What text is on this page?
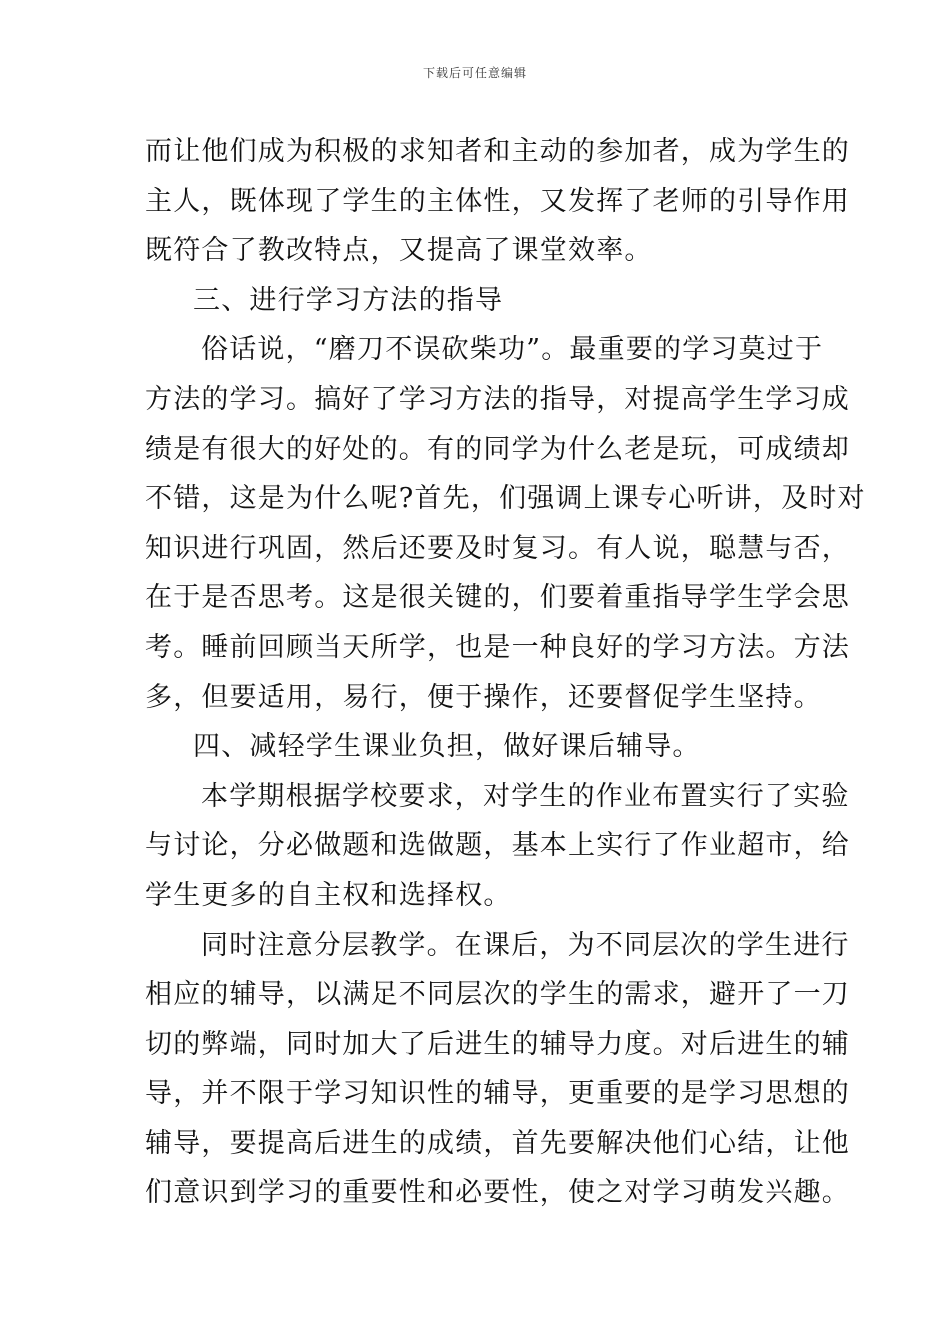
下载后可任意编辑
而让他们成为积极的求知者和主动的参加者，成为学生的
主人，既体现了学生的主体性，又发挥了老师的引导作用
既符合了教改特点，又提高了课堂效率。
三、进行学习方法的指导
俗话说，“磨刀不误砍柴功”。最重要的学习莫过于
方法的学习。搞好了学习方法的指导，对提高学生学习成
绩是有很大的好处的。有的同学为什么老是玩，可成绩却
不错，这是为什么呢?首先，们强调上课专心听讲，及时对
知识进行巩固，然后还要及时复习。有人说，聪慧与否，
在于是否思考。这是很关键的，们要着重指导学生学会思
考。睡前回顾当天所学，也是一种良好的学习方法。方法
多，但要适用，易行，便于操作，还要督促学生坚持。
四、减轻学生课业负担，做好课后辅导。
本学期根据学校要求，对学生的作业布置实行了实验
与讨论，分必做题和选做题，基本上实行了作业超市，给
学生更多的自主权和选择权。
同时注意分层教学。在课后，为不同层次的学生进行
相应的辅导，以满足不同层次的学生的需求，避开了一刀
切的弊端，同时加大了后进生的辅导力度。对后进生的辅
导，并不限于学习知识性的辅导，更重要的是学习思想的
辅导，要提高后进生的成绩，首先要解决他们心结，让他
们意识到学习的重要性和必要性，使之对学习萌发兴趣。
